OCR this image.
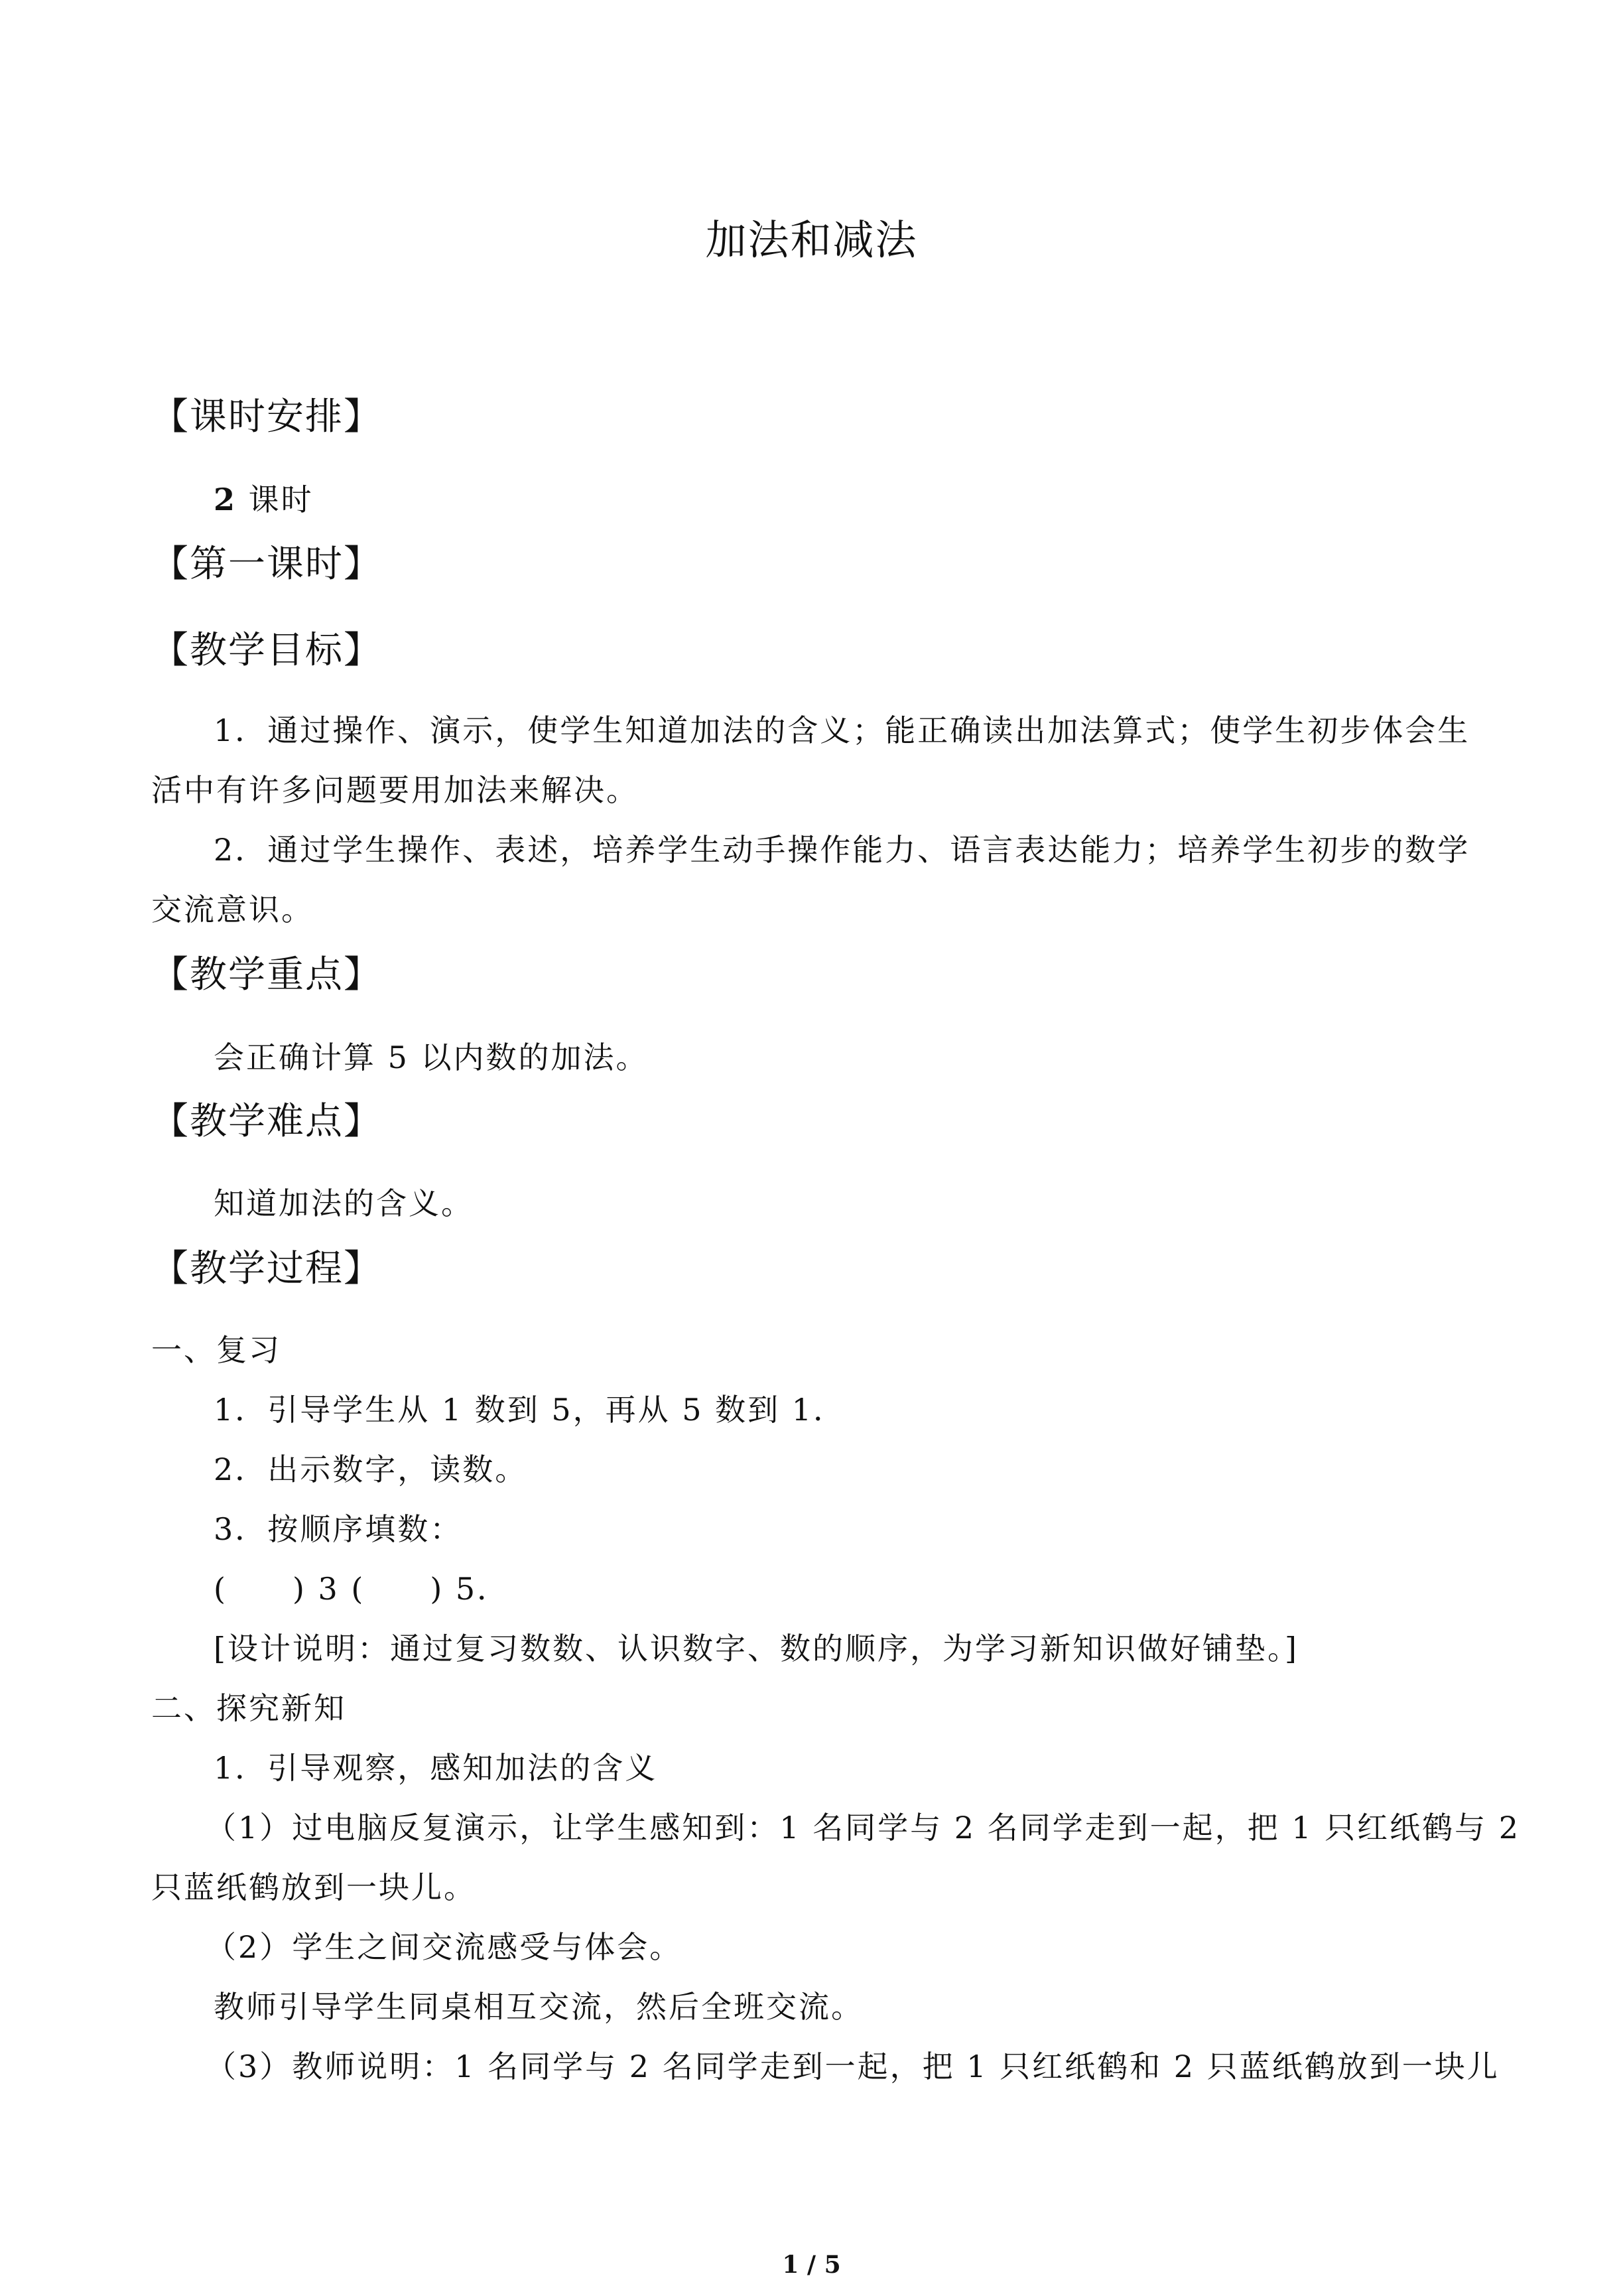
加法和减法
【课时安排】
2 课时
【第一课时】
【教学目标】
1．通过操作、演示，使学生知道加法的含义；能正确读出加法算式；使学生初步体会生
活中有许多问题要用加法来解决。
2．通过学生操作、表述，培养学生动手操作能力、语言表达能力；培养学生初步的数学
交流意识。
【教学重点】
会正确计算 5 以内数的加法。
【教学难点】
知道加法的含义。
【教学过程】
一、复习
1．引导学生从 1 数到 5，再从 5 数到 1．
2．出示数字，读数。
3．按顺序填数：
(　　) 3 (　　) 5．
[设计说明：通过复习数数、认识数字、数的顺序，为学习新知识做好铺垫。]
二、探究新知
1．引导观察，感知加法的含义
（1）过电脑反复演示，让学生感知到：1 名同学与 2 名同学走到一起，把 1 只红纸鹤与 2
只蓝纸鹤放到一块儿。
（2）学生之间交流感受与体会。
教师引导学生同桌相互交流，然后全班交流。
（3）教师说明：1 名同学与 2 名同学走到一起，把 1 只红纸鹤和 2 只蓝纸鹤放到一块儿
1 / 5
